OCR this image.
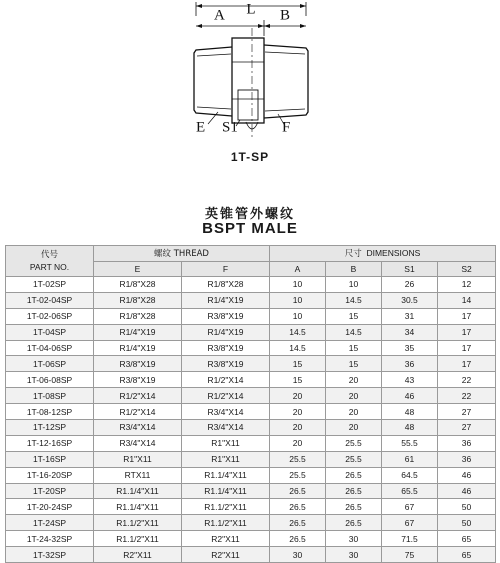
L
A	B
E S1	F
1T-SP
英锥管外螺纹
BSPT MALE
代号
PART NO.	螺纹 THREAD		尺寸 DIMENSIONS			
	E	F	A	B	S1	S2
1T-02SP	R1/8"X28	R1/8"X28	10	10	26	12
1T-02-04SP	R1/8"X28	R1/4"X19	10	14.5	30.5	14
1T-02-06SP	R1/8"X28	R3/8"X19	10	15	31	17
1T-04SP	R1/4"X19	R1/4"X19	14.5	14.5	34	17
1T-04-06SP	R1/4"X19	R3/8"X19	14.5	15	35	17
1T-06SP	R3/8"X19	R3/8"X19	15	15	36	17
1T-06-08SP	R3/8"X19	R1/2"X14	15	20	43	22
1T-08SP	R1/2"X14	R1/2"X14	20	20	46	22
1T-08-12SP	R1/2"X14	R3/4"X14	20	20	48	27
1T-12SP	R3/4"X14	R3/4"X14	20	20	48	27
1T-12-16SP	R3/4"X14	R1"X11	20	25.5	55.5	36
1T-16SP	R1"X11	R1"X11	25.5	25.5	61	36
1T-16-20SP	RTX11	R1.1/4"X11	25.5	26.5	64.5	46
1T-20SP	R1.1/4"X11	R1.1/4"X11	26.5	26.5	65.5	46
1T-20-24SP	R1.1/4"X11	R1.1/2"X11	26.5	26.5	67	50
1T-24SP	R1.1/2"X11	R1.1/2"X11	26.5	26.5	67	50
1T-24-32SP	R1.1/2"X11	R2"X11	26.5	30	71.5	65
1T-32SP	R2"X11	R2"X11	30	30	75	65
